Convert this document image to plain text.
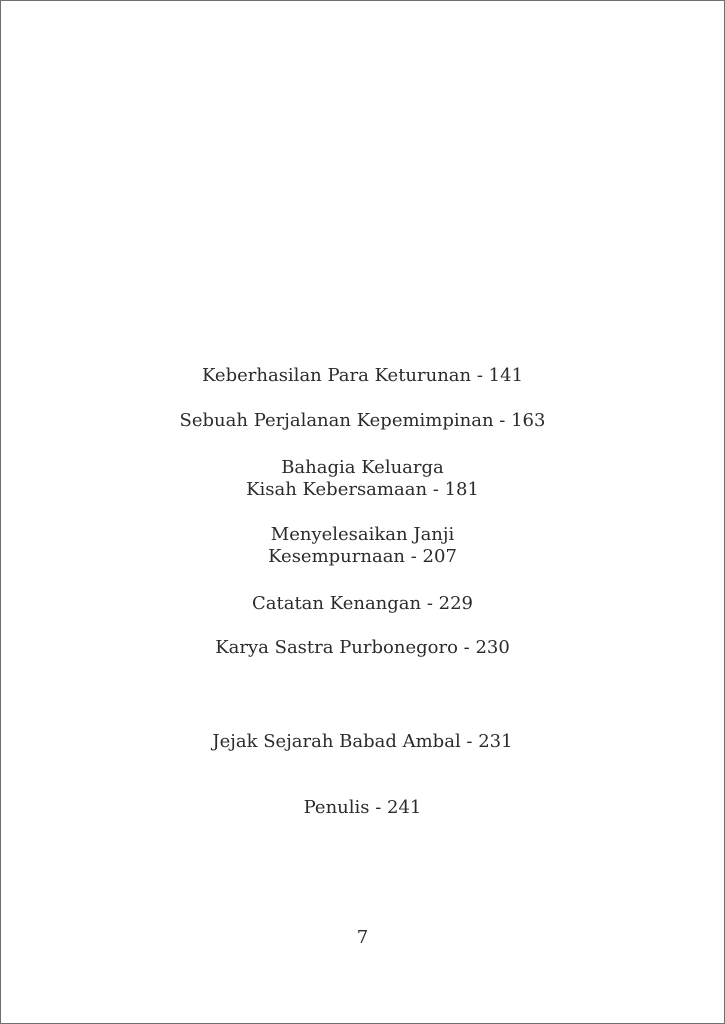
Keberhasilan Para Keturunan - 141
Sebuah Perjalanan Kepemimpinan - 163
Bahagia Keluarga
Kisah Kebersamaan - 181
Menyelesaikan Janji
Kesempurnaan - 207
Catatan Kenangan - 229
Karya Sastra Purbonegoro - 230
Jejak Sejarah Babad Ambal - 231
Penulis - 241
7
